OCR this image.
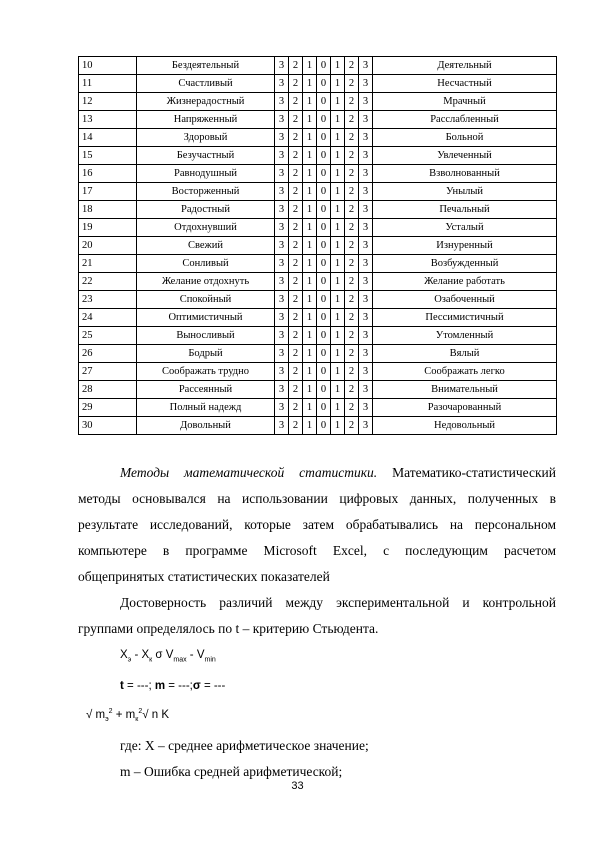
10	Бездеятельный	3	2	1	0	1	2	3	Деятельный
11	Счастливый	3	2	1	0	1	2	3	Несчастный
12	Жизнерадостный	3	2	1	0	1	2	3	Мрачный
13	Напряженный	3	2	1	0	1	2	3	Расслабленный
14	Здоровый	3	2	1	0	1	2	3	Больной
15	Безучастный	3	2	1	0	1	2	3	Увлеченный
16	Равнодушный	3	2	1	0	1	2	3	Взволнованный
17	Восторженный	3	2	1	0	1	2	3	Унылый
18	Радостный	3	2	1	0	1	2	3	Печальный
19	Отдохнувший	3	2	1	0	1	2	3	Усталый
20	Свежий	3	2	1	0	1	2	3	Изнуренный
21	Сонливый	3	2	1	0	1	2	3	Возбужденный
22	Желание отдохнуть	3	2	1	0	1	2	3	Желание работать
23	Спокойный	3	2	1	0	1	2	3	Озабоченный
24	Оптимистичный	3	2	1	0	1	2	3	Пессимистичный
25	Выносливый	3	2	1	0	1	2	3	Утомленный
26	Бодрый	3	2	1	0	1	2	3	Вялый
27	Соображать трудно	3	2	1	0	1	2	3	Соображать легко
28	Рассеянный	3	2	1	0	1	2	3	Внимательный
29	Полный надежд	3	2	1	0	1	2	3	Разочарованный
30	Довольный	3	2	1	0	1	2	3	Недовольный

Методы математической статистики. Математико-статистический методы основывался на использовании цифровых данных, полученных в результате исследований, которые затем обрабатывались на персональном компьютере в программе Microsoft Excel, с последующим расчетом общепринятых статистических показателей

Достоверность различий между экспериментальной и контрольной группами определялось по t – критерию Стьюдента.

$X_э - X_к$ σ $V_{max} - V_{min}$
t = ---; m = ---;σ = ---
√ $m_э^2 + m_к^2√$ n K
где: X – среднее арифметическое значение;
m – Ошибка средней арифметической;
33
